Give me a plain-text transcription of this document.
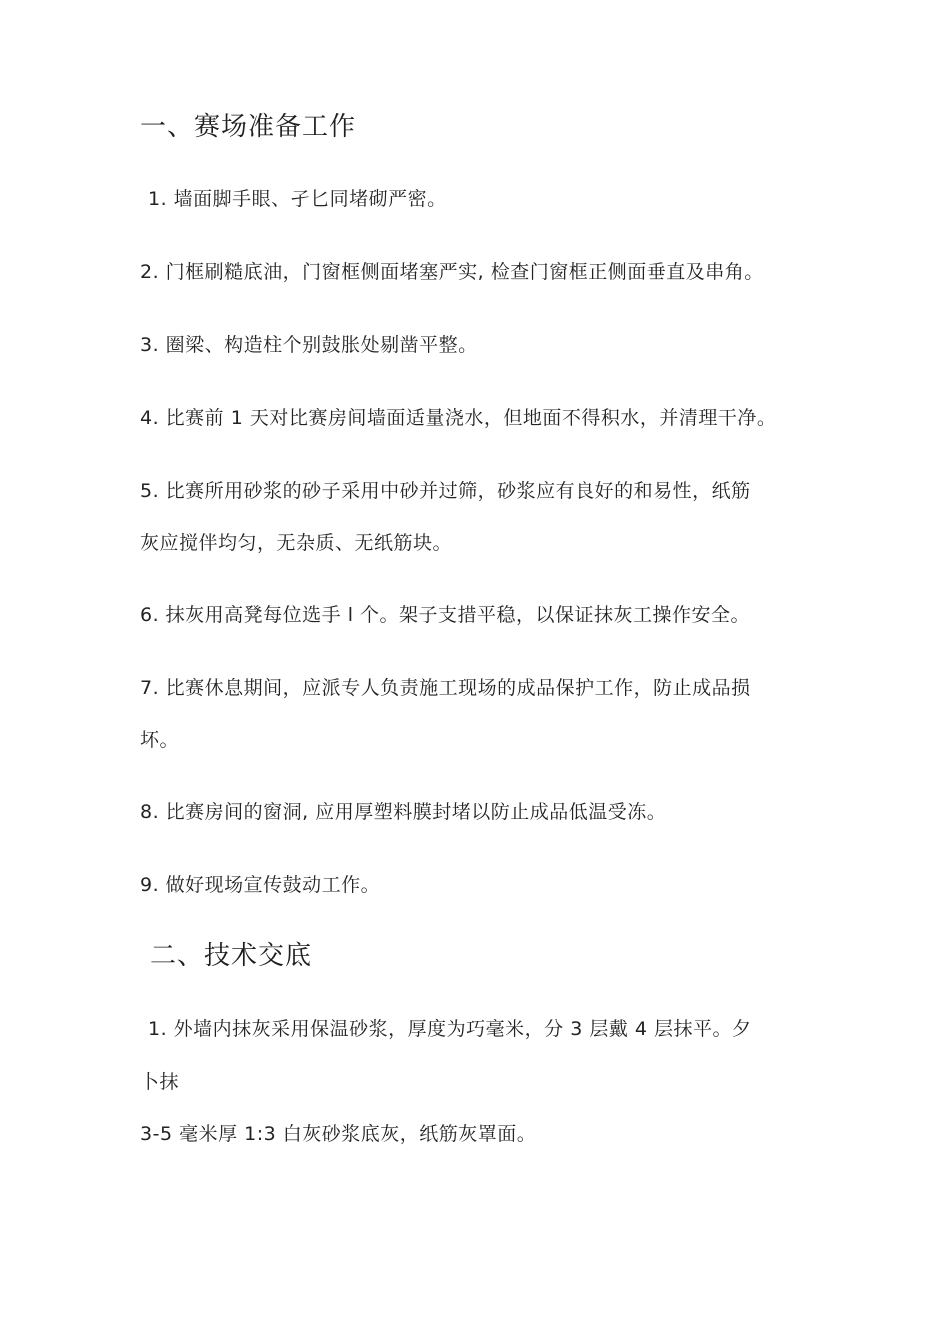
一、赛场准备工作

1. 墙面脚手眼、孑匕同堵砌严密。

2. 门框刷糙底油，门窗框侧面堵塞严实, 检查门窗框正侧面垂直及串角。

3. 圈梁、构造柱个别鼓胀处剔凿平整。

4. 比赛前 1 天对比赛房间墙面适量浇水，但地面不得积水，并清理干净。

5. 比赛所用砂浆的砂子采用中砂并过筛，砂浆应有良好的和易性，纸筋

灰应搅伴均匀，无杂质、无纸筋块。

6. 抹灰用高凳每位选手 l 个。架子支措平稳，以保证抹灰工操作安全。

7. 比赛休息期间，应派专人负责施工现场的成品保护工作，防止成品损

坏。

8. 比赛房间的窗洞, 应用厚塑料膜封堵以防止成品低温受冻。

9. 做好现场宣传鼓动工作。

二、技术交底

1. 外墙内抹灰采用保温砂浆，厚度为巧毫米，分 3 层戴 4 层抹平。夕

卜抹

3-5 毫米厚 1:3 白灰砂浆底灰，纸筋灰罩面。
